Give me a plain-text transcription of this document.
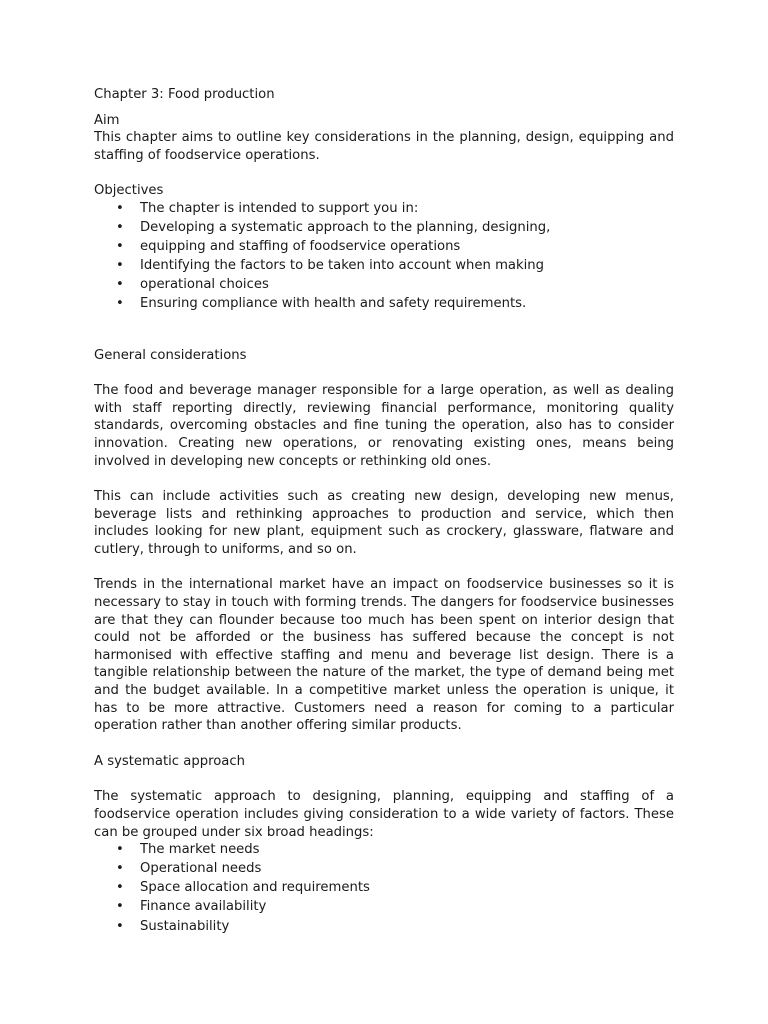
Chapter 3: Food production

Aim

This chapter aims to outline key considerations in the planning, design, equipping and staffing of foodservice operations.

Objectives

• The chapter is intended to support you in:
• Developing a systematic approach to the planning, designing,
• equipping and staffing of foodservice operations
• Identifying the factors to be taken into account when making
• operational choices
• Ensuring compliance with health and safety requirements.

General considerations

The food and beverage manager responsible for a large operation, as well as dealing with staff reporting directly, reviewing financial performance, monitoring quality standards, overcoming obstacles and fine tuning the operation, also has to consider innovation. Creating new operations, or renovating existing ones, means being involved in developing new concepts or rethinking old ones.

This can include activities such as creating new design, developing new menus, beverage lists and rethinking approaches to production and service, which then includes looking for new plant, equipment such as crockery, glassware, flatware and cutlery, through to uniforms, and so on.

Trends in the international market have an impact on foodservice businesses so it is necessary to stay in touch with forming trends. The dangers for foodservice businesses are that they can flounder because too much has been spent on interior design that could not be afforded or the business has suffered because the concept is not harmonised with effective staffing and menu and beverage list design. There is a tangible relationship between the nature of the market, the type of demand being met and the budget available. In a competitive market unless the operation is unique, it has to be more attractive. Customers need a reason for coming to a particular operation rather than another offering similar products.

A systematic approach

The systematic approach to designing, planning, equipping and staffing of a foodservice operation includes giving consideration to a wide variety of factors. These can be grouped under six broad headings:

• The market needs
• Operational needs
• Space allocation and requirements
• Finance availability
• Sustainability
